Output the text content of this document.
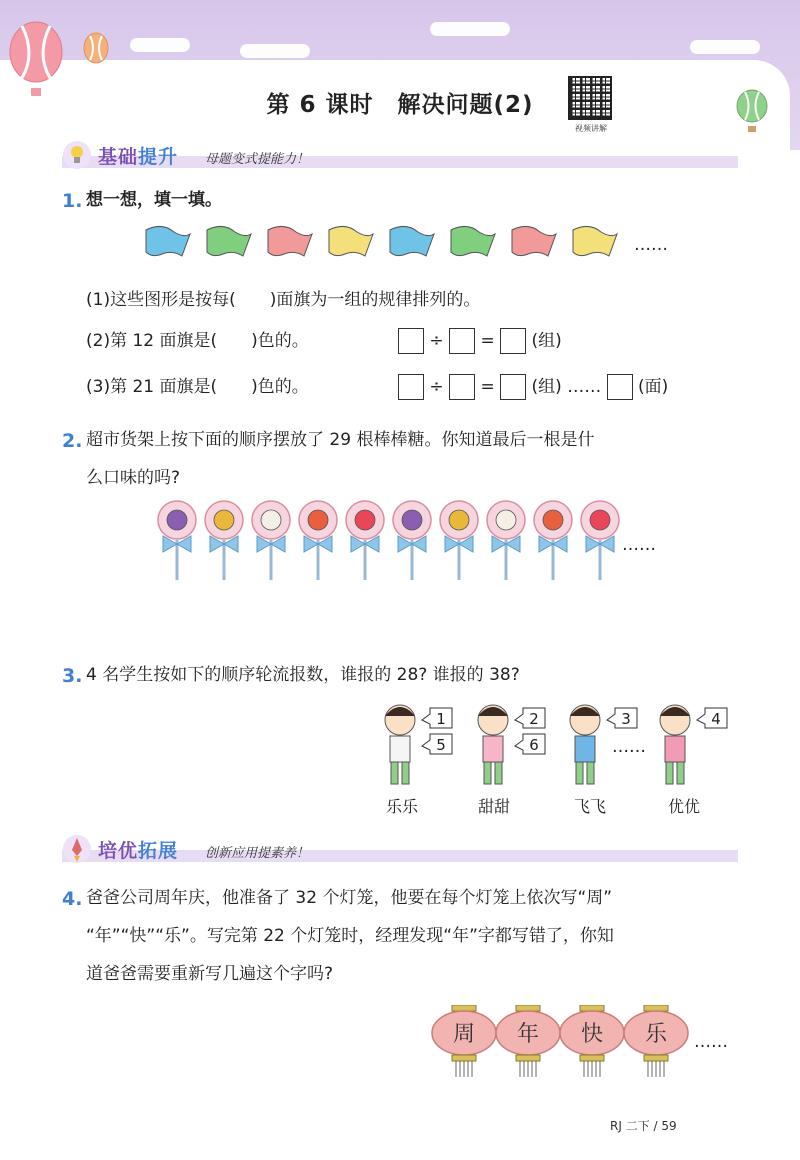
第 6 课时　解决问题(2)
视频讲解
基础提升 母题变式提能力！
1. 想一想，填一填。
……
(1)这些图形是按每(　　)面旗为一组的规律排列的。
(2)第 12 面旗是(　　)色的。	÷ = (组)
(3)第 21 面旗是(　　)色的。	÷ = (组) …… (面)
2. 超市货架上按下面的顺序摆放了 29 根棒棒糖。你知道最后一根是什
么口味的吗?
……
3. 4 名学生按如下的顺序轮流报数，谁报的 28? 谁报的 38?
1
5
2
6
3	4
……
乐乐	甜甜	飞飞	优优
培优拓展 创新应用提素养！
4. 爸爸公司周年庆，他准备了 32 个灯笼，他要在每个灯笼上依次写“周”
“年”“快”“乐”。写完第 22 个灯笼时，经理发现“年”字都写错了，你知
道爸爸需要重新写几遍这个字吗?
周 年 快 乐 ……
RJ 二下 / 59
